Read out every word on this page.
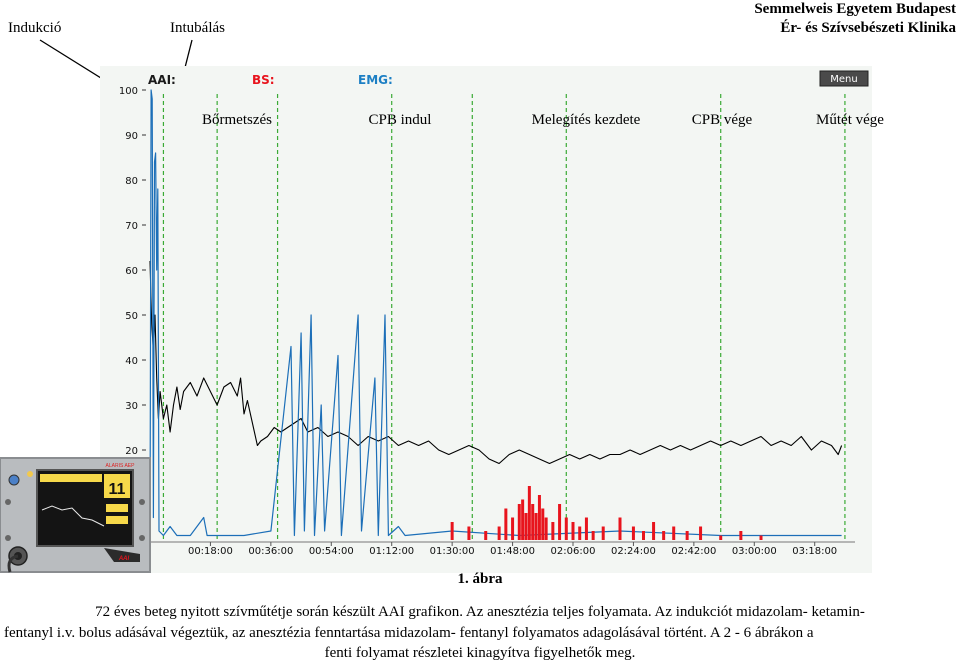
Indukció	Intubálás
Semmelweis Egyetem Budapest
Ér- és Szívsebészeti Klinika
AAI:	BS:	EMG:	Menu
Bőrmetszés	CPB indul	Melegítés kezdete	CPB vége	Műtét vége
20
30
40
50
60
70
80
90
100
00:18:00 00:36:00 00:54:00 01:12:00 01:30:00 01:48:00 02:06:00 02:24:00 02:42:00 03:00:00 03:18:00
11
ALARIS AEP
AAI
1. ábra
72 éves beteg nyitott szívműtétje során készült AAI grafikon. Az anesztézia teljes folyamata. Az indukciót midazolam- ketamin-
fentanyl i.v. bolus adásával végeztük, az anesztézia fenntartása midazolam- fentanyl folyamatos adagolásával történt. A 2 - 6 ábrákon a
fenti folyamat részletei kinagyítva figyelhetők meg.
